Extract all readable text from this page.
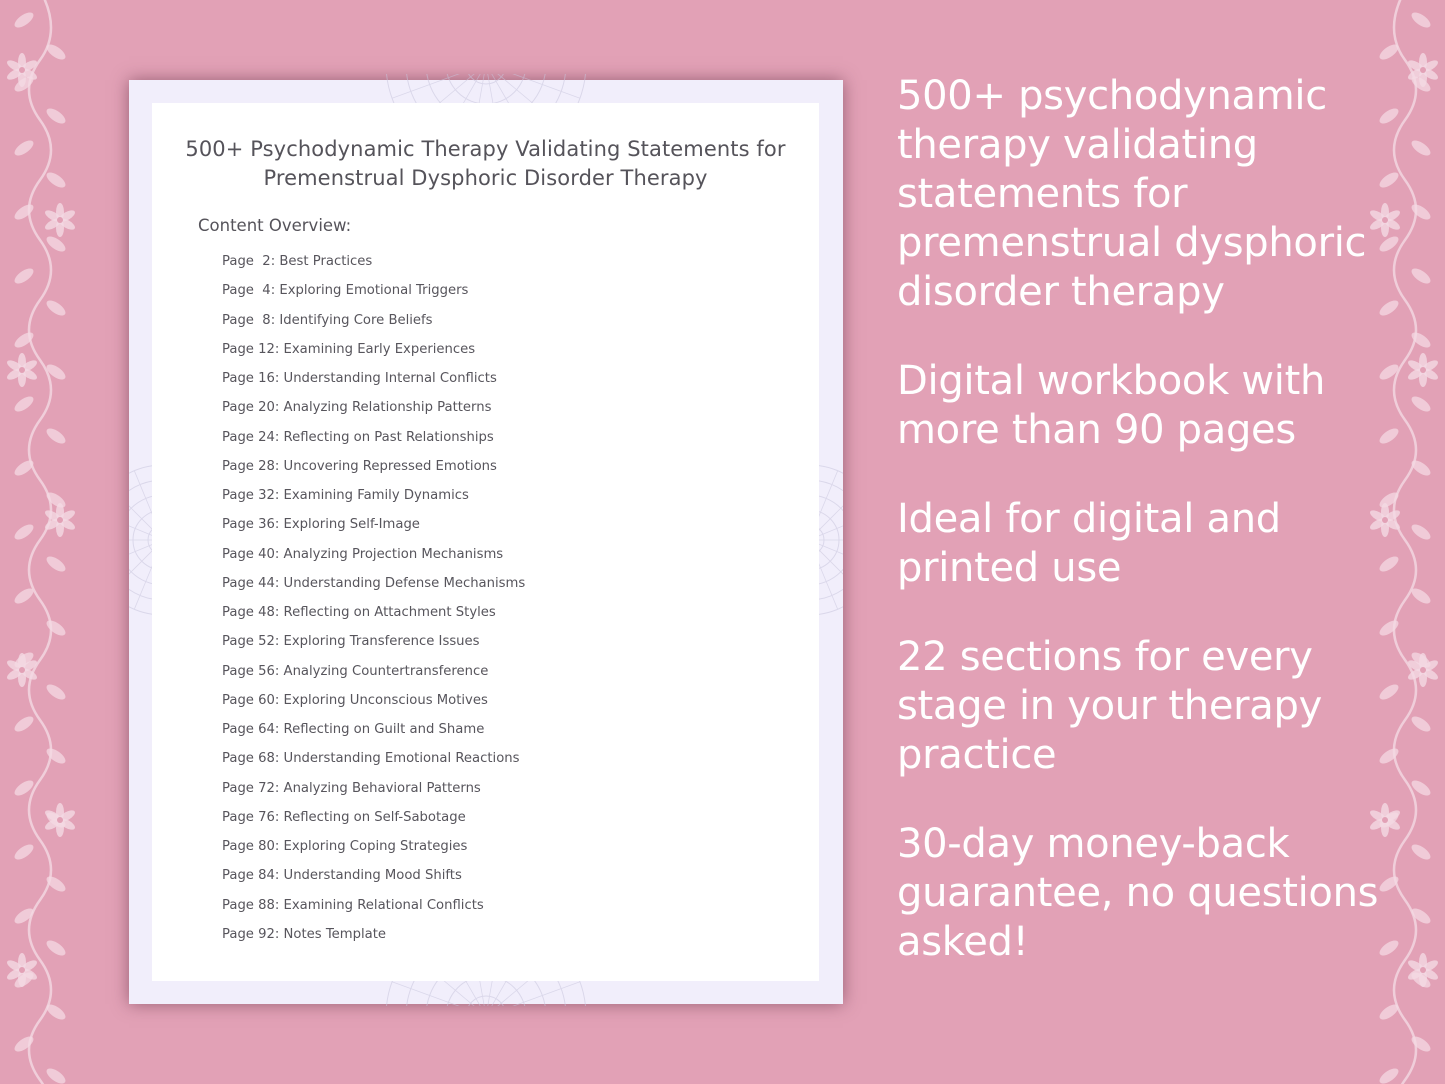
500+ Psychodynamic Therapy Validating Statements for
Premenstrual Dysphoric Disorder Therapy
Content Overview:
Page  2: Best Practices
Page  4: Exploring Emotional Triggers
Page  8: Identifying Core Beliefs
Page 12: Examining Early Experiences
Page 16: Understanding Internal Conflicts
Page 20: Analyzing Relationship Patterns
Page 24: Reflecting on Past Relationships
Page 28: Uncovering Repressed Emotions
Page 32: Examining Family Dynamics
Page 36: Exploring Self-Image
Page 40: Analyzing Projection Mechanisms
Page 44: Understanding Defense Mechanisms
Page 48: Reflecting on Attachment Styles
Page 52: Exploring Transference Issues
Page 56: Analyzing Countertransference
Page 60: Exploring Unconscious Motives
Page 64: Reflecting on Guilt and Shame
Page 68: Understanding Emotional Reactions
Page 72: Analyzing Behavioral Patterns
Page 76: Reflecting on Self-Sabotage
Page 80: Exploring Coping Strategies
Page 84: Understanding Mood Shifts
Page 88: Examining Relational Conflicts
Page 92: Notes Template
500+ psychodynamic therapy validating statements for premenstrual dysphoric disorder therapy
Digital workbook with more than 90 pages
Ideal for digital and printed use
22 sections for every stage in your therapy practice
30-day money-back guarantee, no questions asked!
